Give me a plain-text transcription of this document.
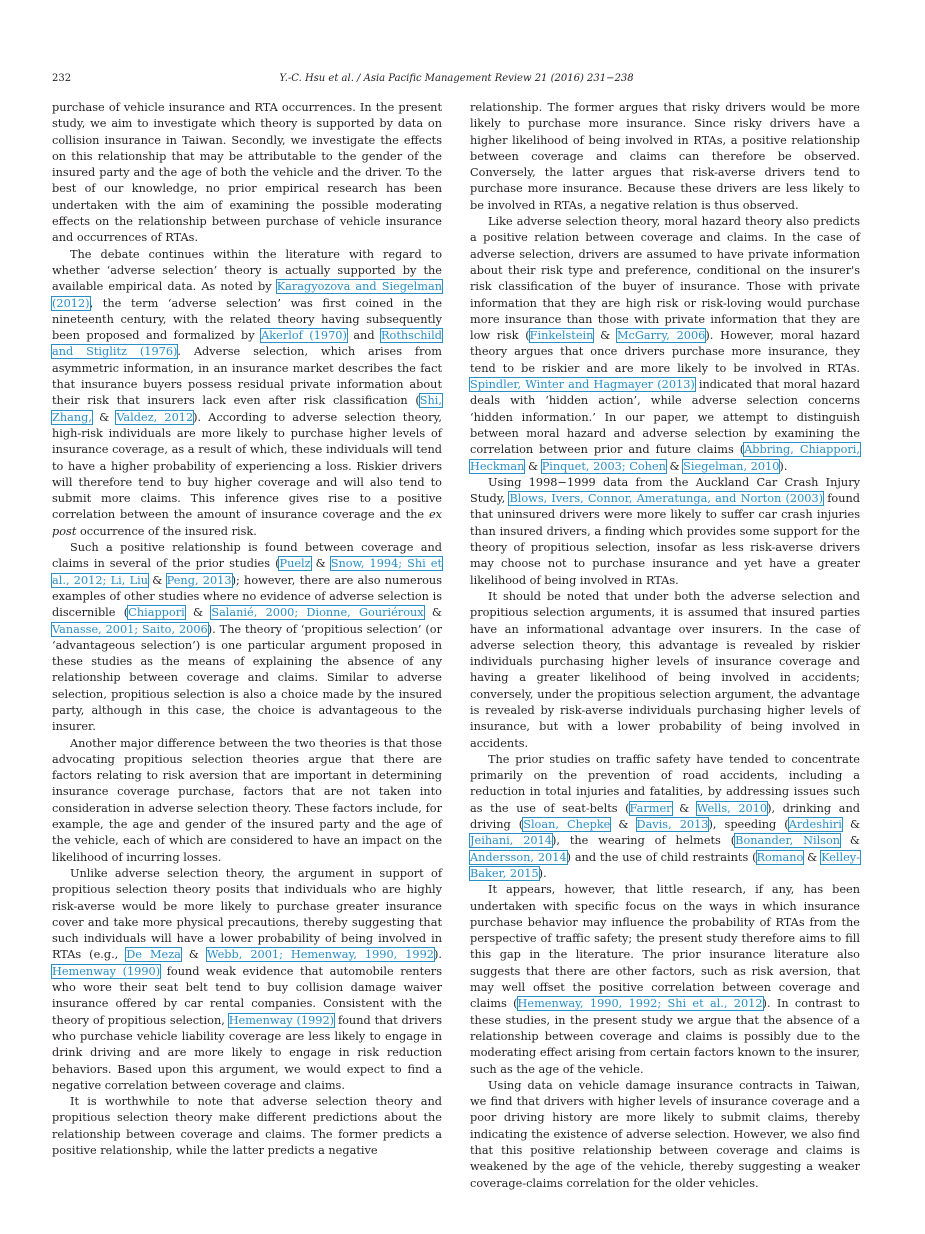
232	Y.-C. Hsu et al. / Asia Pacific Management Review 21 (2016) 231−238

purchase of vehicle insurance and RTA occurrences. In the present study, we aim to investigate which theory is supported by data on collision insurance in Taiwan. Secondly, we investigate the effects on this relationship that may be attributable to the gender of the insured party and the age of both the vehicle and the driver. To the best of our knowledge, no prior empirical research has been undertaken with the aim of examining the possible moderating effects on the relationship between purchase of vehicle insurance and occurrences of RTAs.

The debate continues within the literature with regard to whether ‘adverse selection’ theory is actually supported by the available empirical data. As noted by Karagyozova and Siegelman (2012), the term ‘adverse selection’ was first coined in the nineteenth century, with the related theory having subsequently been proposed and formalized by Akerlof (1970) and Rothschild and Stiglitz (1976). Adverse selection, which arises from asymmetric information, in an insurance market describes the fact that insurance buyers possess residual private information about their risk that insurers lack even after risk classification (Shi, Zhang, & Valdez, 2012). According to adverse selection theory, high-risk individuals are more likely to purchase higher levels of insurance coverage, as a result of which, these individuals will tend to have a higher probability of experiencing a loss. Riskier drivers will therefore tend to buy higher coverage and will also tend to submit more claims. This inference gives rise to a positive correlation between the amount of insurance coverage and the ex post occurrence of the insured risk.

Such a positive relationship is found between coverage and claims in several of the prior studies (Puelz & Snow, 1994; Shi et al., 2012; Li, Liu & Peng, 2013); however, there are also numerous examples of other studies where no evidence of adverse selection is discernible (Chiappori & Salanié, 2000; Dionne, Gouriéroux & Vanasse, 2001; Saito, 2006). The theory of ‘propitious selection’ (or ‘advantageous selection’) is one particular argument proposed in these studies as the means of explaining the absence of any relationship between coverage and claims. Similar to adverse selection, propitious selection is also a choice made by the insured party, although in this case, the choice is advantageous to the insurer.

Another major difference between the two theories is that those advocating propitious selection theories argue that there are factors relating to risk aversion that are important in determining insurance coverage purchase, factors that are not taken into consideration in adverse selection theory. These factors include, for example, the age and gender of the insured party and the age of the vehicle, each of which are considered to have an impact on the likelihood of incurring losses.

Unlike adverse selection theory, the argument in support of propitious selection theory posits that individuals who are highly risk-averse would be more likely to purchase greater insurance cover and take more physical precautions, thereby suggesting that such individuals will have a lower probability of being involved in RTAs (e.g., De Meza & Webb, 2001; Hemenway, 1990, 1992). Hemenway (1990) found weak evidence that automobile renters who wore their seat belt tend to buy collision damage waiver insurance offered by car rental companies. Consistent with the theory of propitious selection, Hemenway (1992) found that drivers who purchase vehicle liability coverage are less likely to engage in drink driving and are more likely to engage in risk reduction behaviors. Based upon this argument, we would expect to find a negative correlation between coverage and claims.

It is worthwhile to note that adverse selection theory and propitious selection theory make different predictions about the relationship between coverage and claims. The former predicts a positive relationship, while the latter predicts a negative

relationship. The former argues that risky drivers would be more likely to purchase more insurance. Since risky drivers have a higher likelihood of being involved in RTAs, a positive relationship between coverage and claims can therefore be observed. Conversely, the latter argues that risk-averse drivers tend to purchase more insurance. Because these drivers are less likely to be involved in RTAs, a negative relation is thus observed.

Like adverse selection theory, moral hazard theory also predicts a positive relation between coverage and claims. In the case of adverse selection, drivers are assumed to have private information about their risk type and preference, conditional on the insurer's risk classification of the buyer of insurance. Those with private information that they are high risk or risk-loving would purchase more insurance than those with private information that they are low risk (Finkelstein & McGarry, 2006). However, moral hazard theory argues that once drivers purchase more insurance, they tend to be riskier and are more likely to be involved in RTAs. Spindler, Winter and Hagmayer (2013) indicated that moral hazard deals with ‘hidden action’, while adverse selection concerns ‘hidden information.’ In our paper, we attempt to distinguish between moral hazard and adverse selection by examining the correlation between prior and future claims (Abbring, Chiappori, Heckman & Pinquet, 2003; Cohen & Siegelman, 2010).

Using 1998−1999 data from the Auckland Car Crash Injury Study, Blows, Ivers, Connor, Ameratunga, and Norton (2003) found that uninsured drivers were more likely to suffer car crash injuries than insured drivers, a finding which provides some support for the theory of propitious selection, insofar as less risk-averse drivers may choose not to purchase insurance and yet have a greater likelihood of being involved in RTAs.

It should be noted that under both the adverse selection and propitious selection arguments, it is assumed that insured parties have an informational advantage over insurers. In the case of adverse selection theory, this advantage is revealed by riskier individuals purchasing higher levels of insurance coverage and having a greater likelihood of being involved in accidents; conversely, under the propitious selection argument, the advantage is revealed by risk-averse individuals purchasing higher levels of insurance, but with a lower probability of being involved in accidents.

The prior studies on traffic safety have tended to concentrate primarily on the prevention of road accidents, including a reduction in total injuries and fatalities, by addressing issues such as the use of seat-belts (Farmer & Wells, 2010), drinking and driving (Sloan, Chepke & Davis, 2013), speeding (Ardeshiri & Jeihani, 2014), the wearing of helmets (Bonander, Nilson & Andersson, 2014) and the use of child restraints (Romano & Kelley-Baker, 2015).

It appears, however, that little research, if any, has been undertaken with specific focus on the ways in which insurance purchase behavior may influence the probability of RTAs from the perspective of traffic safety; the present study therefore aims to fill this gap in the literature. The prior insurance literature also suggests that there are other factors, such as risk aversion, that may well offset the positive correlation between coverage and claims (Hemenway, 1990, 1992; Shi et al., 2012). In contrast to these studies, in the present study we argue that the absence of a relationship between coverage and claims is possibly due to the moderating effect arising from certain factors known to the insurer, such as the age of the vehicle.

Using data on vehicle damage insurance contracts in Taiwan, we find that drivers with higher levels of insurance coverage and a poor driving history are more likely to submit claims, thereby indicating the existence of adverse selection. However, we also find that this positive relationship between coverage and claims is weakened by the age of the vehicle, thereby suggesting a weaker coverage-claims correlation for the older vehicles.
